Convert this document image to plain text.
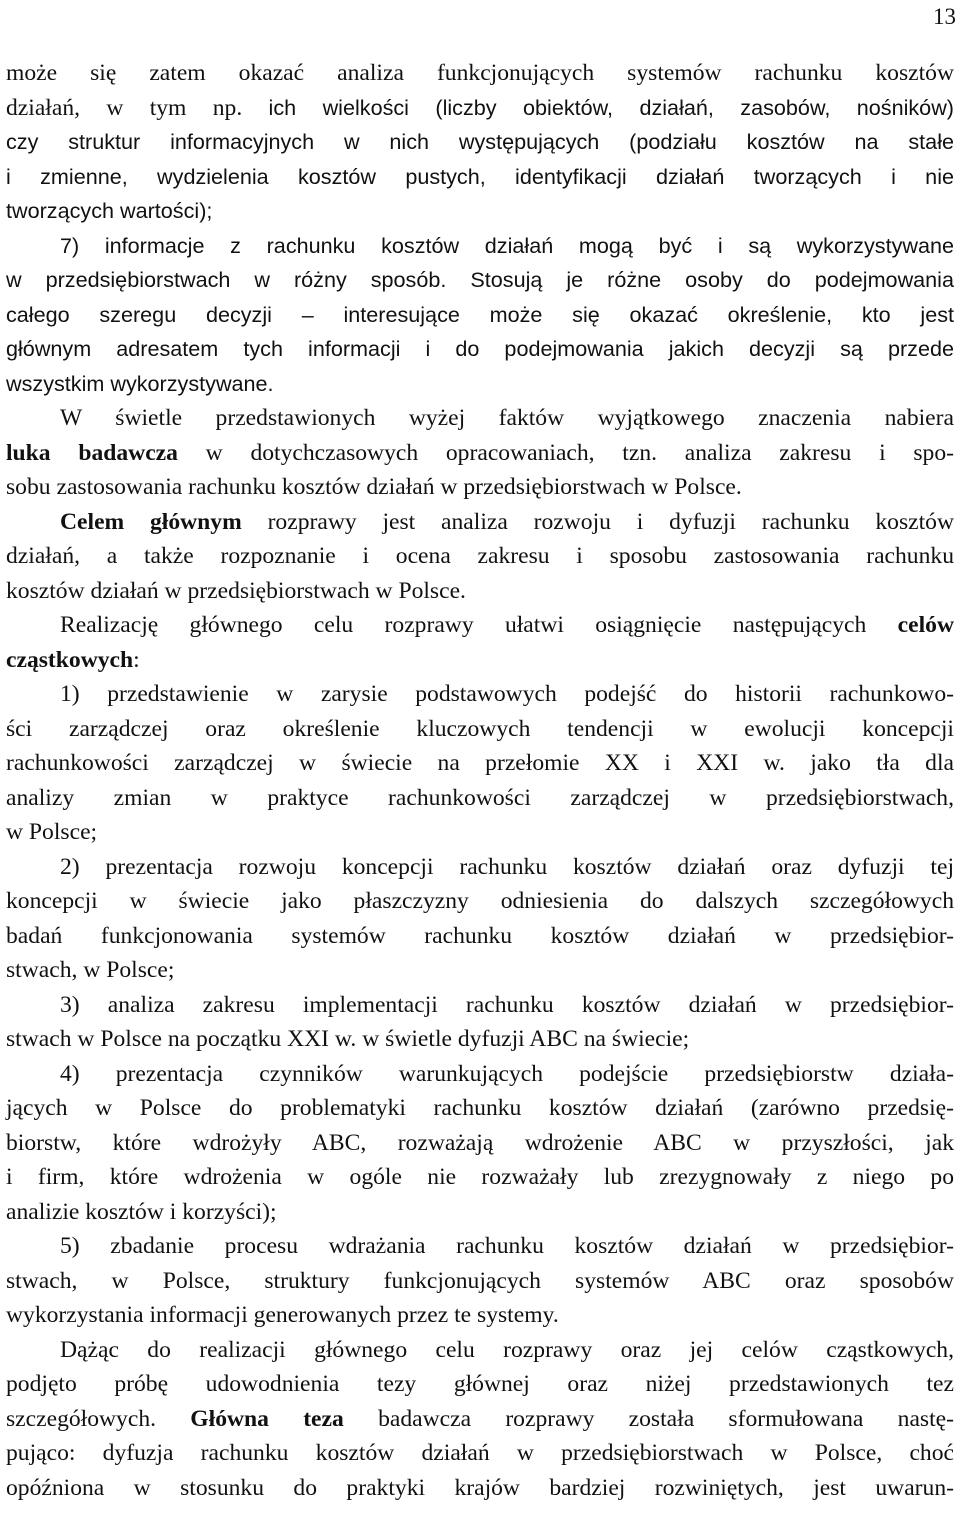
13
może się zatem okazać analiza funkcjonujących systemów rachunku kosztów
działań, w tym np. ich wielkości (liczby obiektów, działań, zasobów, nośników)
czy struktur informacyjnych w nich występujących (podziału kosztów na stałe
i zmienne, wydzielenia kosztów pustych, identyfikacji działań tworzących i nie
tworzących wartości);
7) informacje z rachunku kosztów działań mogą być i są wykorzystywane
w przedsiębiorstwach w różny sposób. Stosują je różne osoby do podejmowania
całego szeregu decyzji – interesujące może się okazać określenie, kto jest
głównym adresatem tych informacji i do podejmowania jakich decyzji są przede
wszystkim wykorzystywane.
W świetle przedstawionych wyżej faktów wyjątkowego znaczenia nabiera
luka badawcza w dotychczasowych opracowaniach, tzn. analiza zakresu i spo-
sobu zastosowania rachunku kosztów działań w przedsiębiorstwach w Polsce.
Celem głównym rozprawy jest analiza rozwoju i dyfuzji rachunku kosztów
działań, a także rozpoznanie i ocena zakresu i sposobu zastosowania rachunku
kosztów działań w przedsiębiorstwach w Polsce.
Realizację głównego celu rozprawy ułatwi osiągnięcie następujących celów
cząstkowych:
1) przedstawienie w zarysie podstawowych podejść do historii rachunkowo-
ści zarządczej oraz określenie kluczowych tendencji w ewolucji koncepcji
rachunkowości zarządczej w świecie na przełomie XX i XXI w. jako tła dla
analizy zmian w praktyce rachunkowości zarządczej w przedsiębiorstwach,
w Polsce;
2) prezentacja rozwoju koncepcji rachunku kosztów działań oraz dyfuzji tej
koncepcji w świecie jako płaszczyzny odniesienia do dalszych szczegółowych
badań funkcjonowania systemów rachunku kosztów działań w przedsiębior-
stwach, w Polsce;
3) analiza zakresu implementacji rachunku kosztów działań w przedsiębior-
stwach w Polsce na początku XXI w. w świetle dyfuzji ABC na świecie;
4) prezentacja czynników warunkujących podejście przedsiębiorstw działa-
jących w Polsce do problematyki rachunku kosztów działań (zarówno przedsię-
biorstw, które wdrożyły ABC, rozważają wdrożenie ABC w przyszłości, jak
i firm, które wdrożenia w ogóle nie rozważały lub zrezygnowały z niego po
analizie kosztów i korzyści);
5) zbadanie procesu wdrażania rachunku kosztów działań w przedsiębior-
stwach, w Polsce, struktury funkcjonujących systemów ABC oraz sposobów
wykorzystania informacji generowanych przez te systemy.
Dążąc do realizacji głównego celu rozprawy oraz jej celów cząstkowych,
podjęto próbę udowodnienia tezy głównej oraz niżej przedstawionych tez
szczegółowych. Główna teza badawcza rozprawy została sformułowana nastę-
pująco: dyfuzja rachunku kosztów działań w przedsiębiorstwach w Polsce, choć
opóźniona w stosunku do praktyki krajów bardziej rozwiniętych, jest uwarun-
